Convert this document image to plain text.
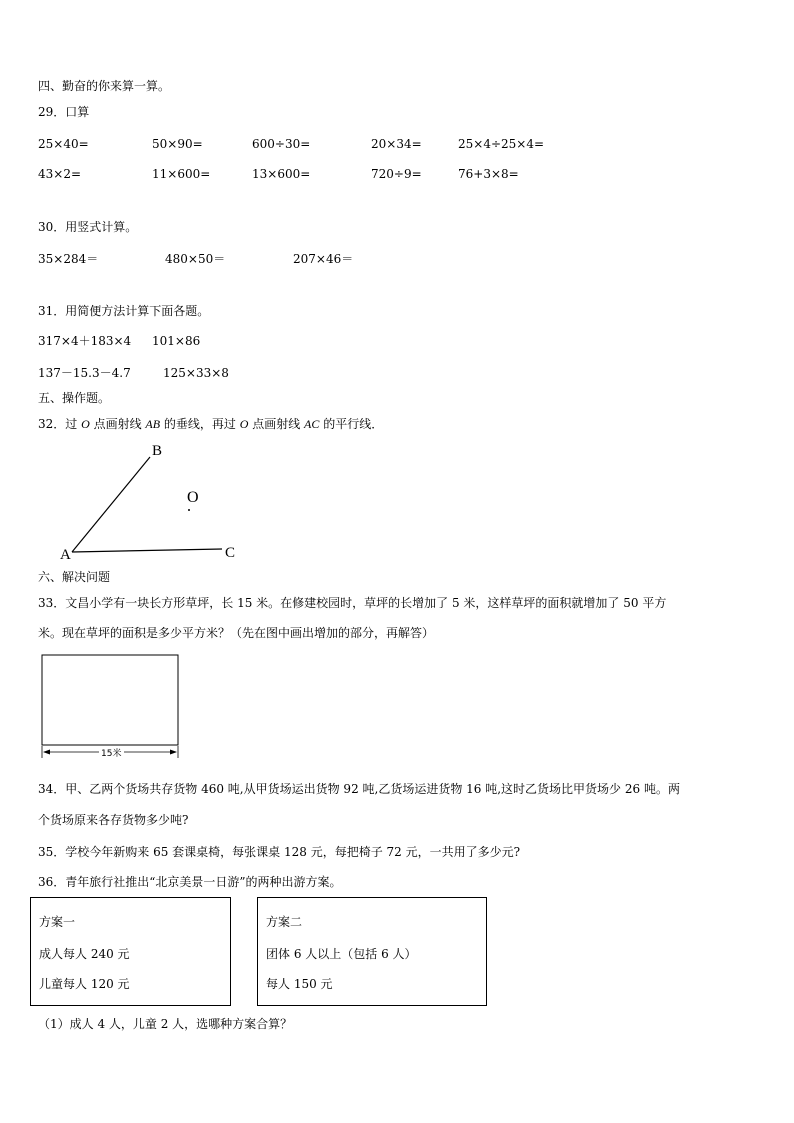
四、勤奋的你来算一算。
29．口算
25×40=	50×90=	600÷30=	20×34=	25×4÷25×4=
43×2=	11×600=	13×600=	720÷9=	76+3×8=
30．用竖式计算。
35×284＝	480×50＝	207×46＝
31．用简便方法计算下面各题。
317×4＋183×4 101×86
137－15.3－4.7	125×33×8
五、操作题。
32．过 O 点画射线 AB 的垂线，再过 O 点画射线 AC 的平行线．
B
O
A	C
15米
六、解决问题
33．文昌小学有一块长方形草坪，长 15 米。在修建校园时，草坪的长增加了 5 米，这样草坪的面积就增加了 50 平方
米。现在草坪的面积是多少平方米？（先在图中画出增加的部分，再解答）
34．甲、乙两个货场共存货物 460 吨,从甲货场运出货物 92 吨,乙货场运进货物 16 吨,这时乙货场比甲货场少 26 吨。两
个货场原来各存货物多少吨?
35．学校今年新购来 65 套课桌椅，每张课桌 128 元，每把椅子 72 元，一共用了多少元?
36．青年旅行社推出“北京美景一日游”的两种出游方案。
方案一
成人每人 240 元
儿童每人 120 元
方案二
团体 6 人以上（包括 6 人）
每人 150 元
（1）成人 4 人，儿童 2 人，选哪种方案合算？
